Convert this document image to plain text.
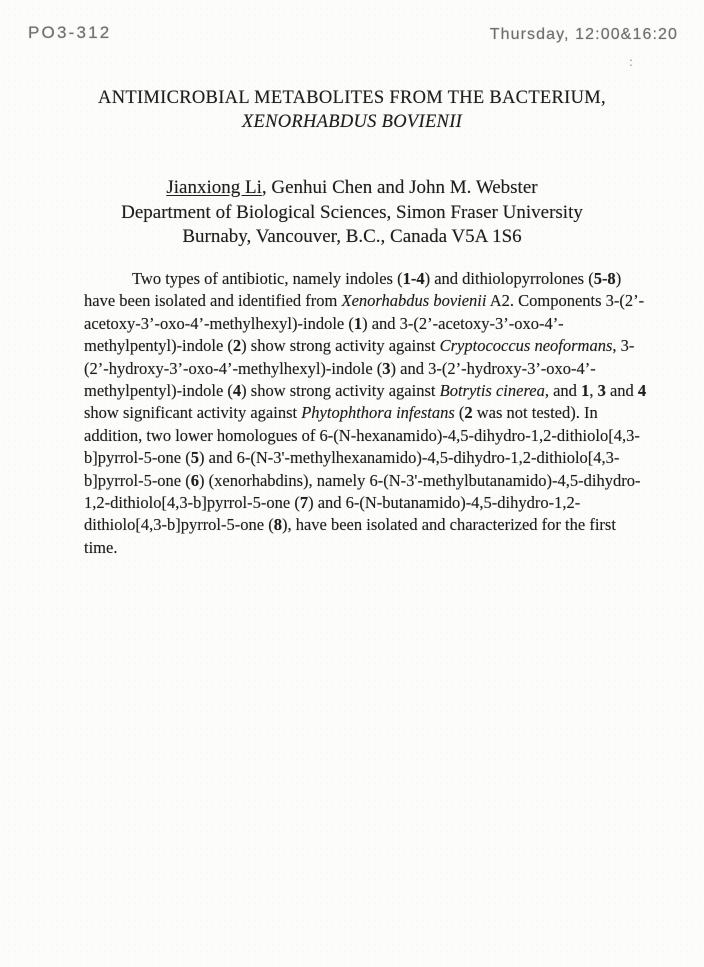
PO3-312	Thursday, 12:00&16:20
:
ANTIMICROBIAL METABOLITES FROM THE BACTERIUM,
XENORHABDUS BOVIENII
Jianxiong Li, Genhui Chen and John M. Webster
Department of Biological Sciences, Simon Fraser University
Burnaby, Vancouver, B.C., Canada V5A 1S6

Two types of antibiotic, namely indoles (1-4) and dithiolopyrrolones (5-8) have been isolated and identified from Xenorhabdus bovienii A2. Components 3-(2’-acetoxy-3’-oxo-4’-methylhexyl)-indole (1) and 3-(2’-acetoxy-3’-oxo-4’-methylpentyl)-indole (2) show strong activity against Cryptococcus neoformans, 3-(2’-hydroxy-3’-oxo-4’-methylhexyl)-indole (3) and 3-(2’-hydroxy-3’-oxo-4’-methylpentyl)-indole (4) show strong activity against Botrytis cinerea, and 1, 3 and 4 show significant activity against Phytophthora infestans (2 was not tested). In addition, two lower homologues of 6-(N-hexanamido)-4,5-dihydro-1,2-dithiolo[4,3-b]pyrrol-5-one (5) and 6-(N-3'-methylhexanamido)-4,5-dihydro-1,2-dithiolo[4,3-b]pyrrol-5-one (6) (xenorhabdins), namely 6-(N-3'-methylbutanamido)-4,5-dihydro-1,2-dithiolo[4,3-b]pyrrol-5-one (7) and 6-(N-butanamido)-4,5-dihydro-1,2-dithiolo[4,3-b]pyrrol-5-one (8), have been isolated and characterized for the first time.
